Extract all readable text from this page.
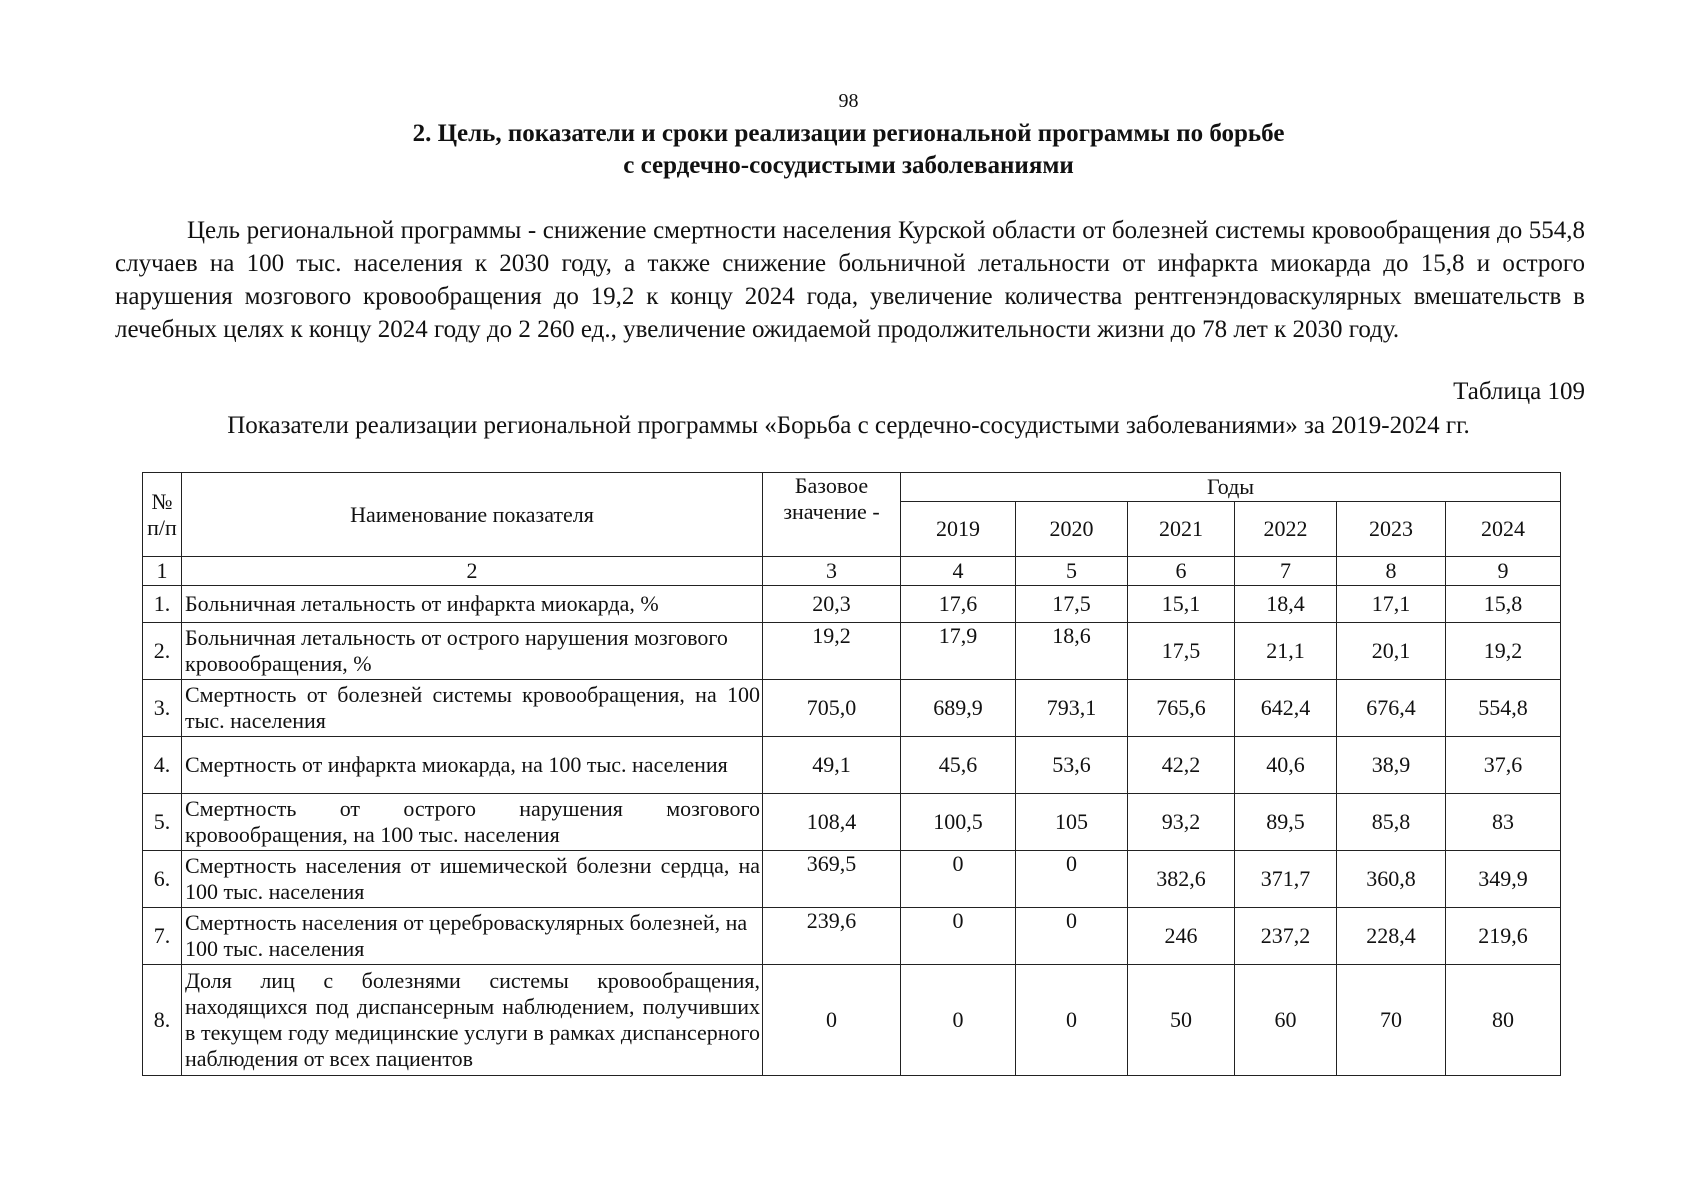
98
2. Цель, показатели и сроки реализации региональной программы по борьбе
с сердечно-сосудистыми заболеваниями

Цель региональной программы - снижение смертности населения Курской области от болезней системы кровообращения до 554,8 случаев на 100 тыс. населения к 2030 году, а также снижение больничной летальности от инфаркта миокарда до 15,8 и острого нарушения мозгового кровообращения до 19,2 к концу 2024 года, увеличение количества рентгенэндоваскулярных вмешательств в лечебных целях к концу 2024 году до 2 260 ед., увеличение ожидаемой продолжительности жизни до 78 лет к 2030 году.

Таблица 109
Показатели реализации региональной программы «Борьба с сердечно-сосудистыми заболеваниями» за 2019-2024 гг.
№ п/п	Наименование показателя	Базовое значение -	Годы					
			2019	2020	2021	2022	2023	2024
1	2	3	4	5	6	7	8	9
1.	Больничная летальность от инфаркта миокарда, %	20,3	17,6	17,5	15,1	18,4	17,1	15,8
2.	Больничная летальность от острого нарушения мозгового кровообращения, %	19,2	17,9	18,6	17,5	21,1	20,1	19,2
3.	Смертность от болезней системы кровообращения, на 100 тыс. населения	705,0	689,9	793,1	765,6	642,4	676,4	554,8
4.	Смертность от инфаркта миокарда, на 100 тыс. населения	49,1	45,6	53,6	42,2	40,6	38,9	37,6
5.	Смертность от острого нарушения мозгового кровообращения, на 100 тыс. населения	108,4	100,5	105	93,2	89,5	85,8	83
6.	Смертность населения от ишемической болезни сердца, на 100 тыс. населения	369,5	0	0	382,6	371,7	360,8	349,9
7.	Смертность населения от цереброваскулярных болезней, на 100 тыс. населения	239,6	0	0	246	237,2	228,4	219,6
8.	Доля лиц с болезнями системы кровообращения, находящихся под диспансерным наблюдением, получивших в текущем году медицинские услуги в рамках диспансерного наблюдения от всех пациентов	0	0	0	50	60	70	80
